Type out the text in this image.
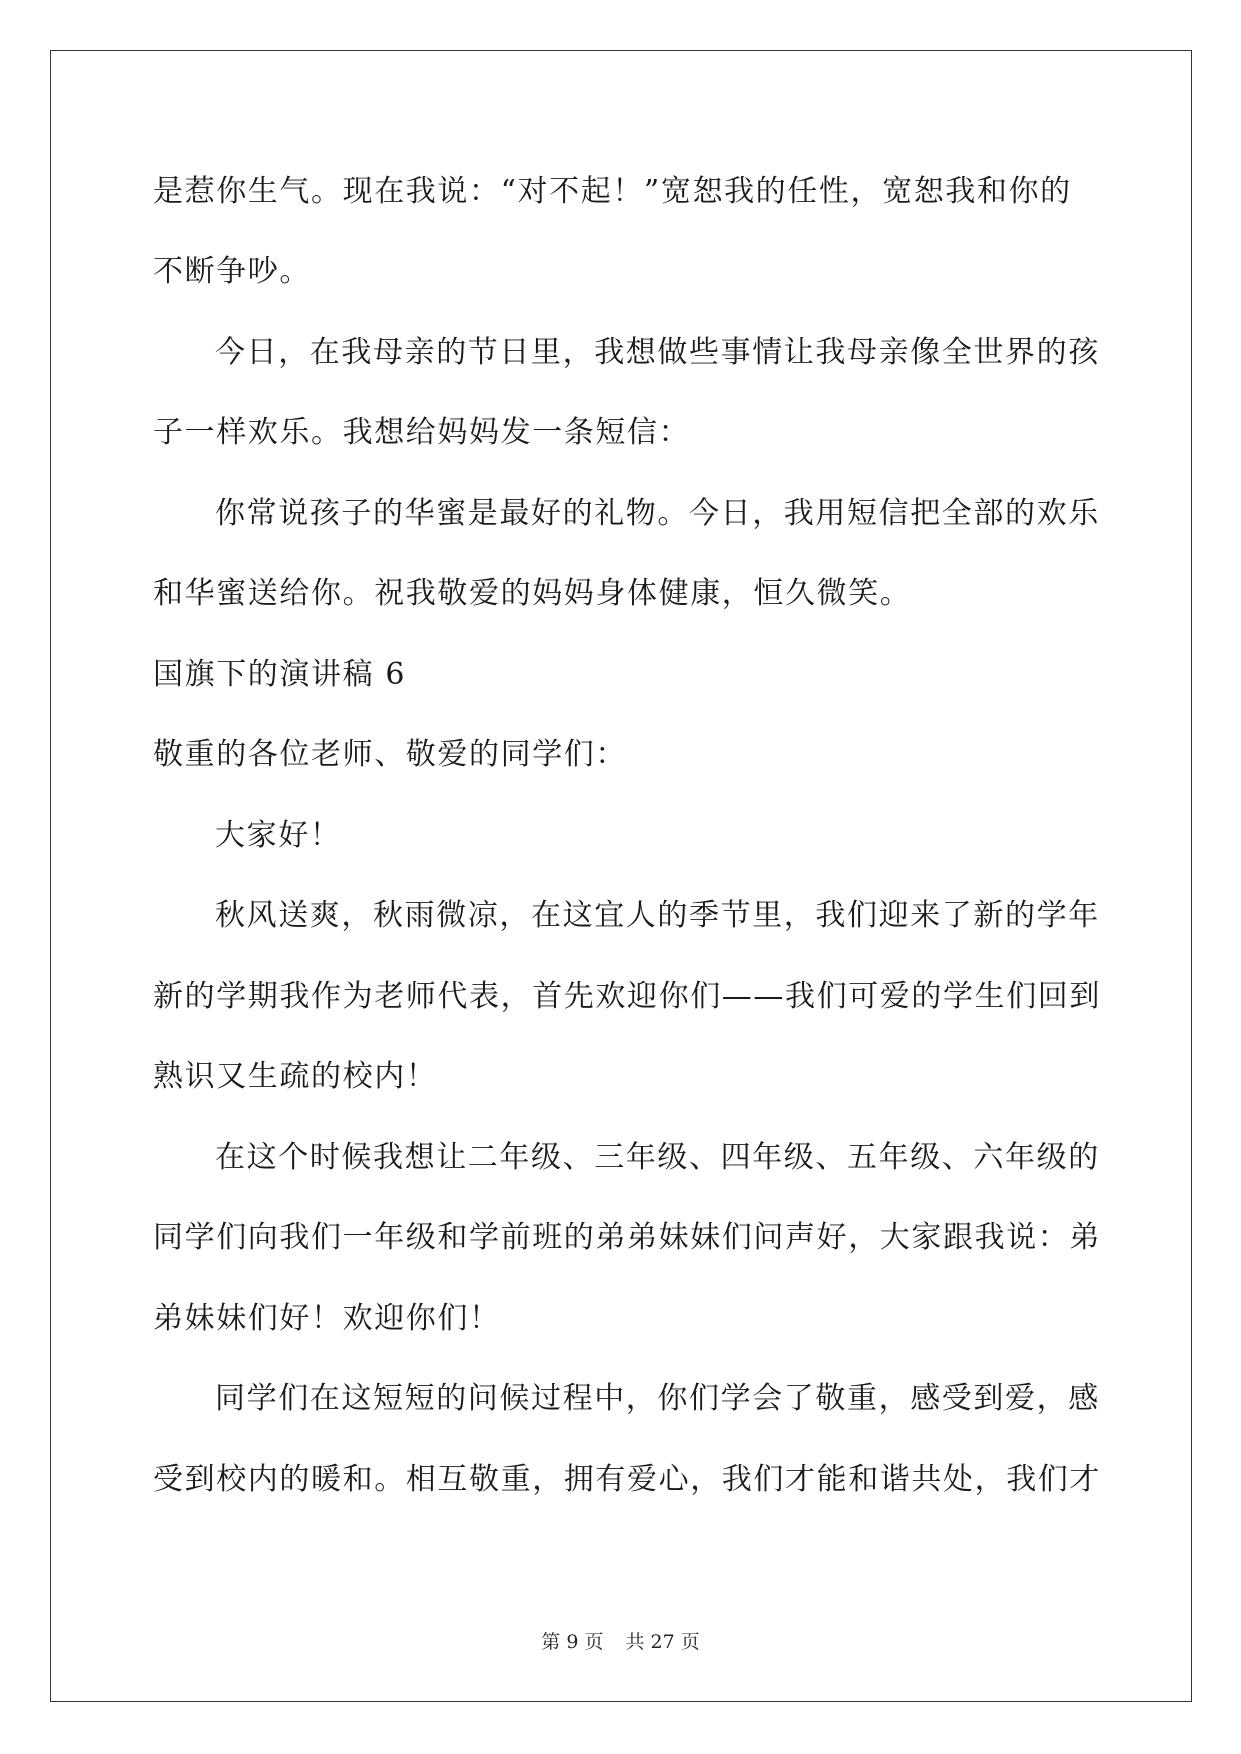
是惹你生气。现在我说：“对不起！”宽恕我的任性，宽恕我和你的
不断争吵。
今日，在我母亲的节日里，我想做些事情让我母亲像全世界的孩
子一样欢乐。我想给妈妈发一条短信：
你常说孩子的华蜜是最好的礼物。今日，我用短信把全部的欢乐
和华蜜送给你。祝我敬爱的妈妈身体健康，恒久微笑。
国旗下的演讲稿 6
敬重的各位老师、敬爱的同学们：
大家好！
秋风送爽，秋雨微凉，在这宜人的季节里，我们迎来了新的学年
新的学期我作为老师代表，首先欢迎你们——我们可爱的学生们回到
熟识又生疏的校内！
在这个时候我想让二年级、三年级、四年级、五年级、六年级的
同学们向我们一年级和学前班的弟弟妹妹们问声好，大家跟我说：弟
弟妹妹们好！欢迎你们！
同学们在这短短的问候过程中，你们学会了敬重，感受到爱，感
受到校内的暖和。相互敬重，拥有爱心，我们才能和谐共处，我们才
第 9 页 共 27 页
